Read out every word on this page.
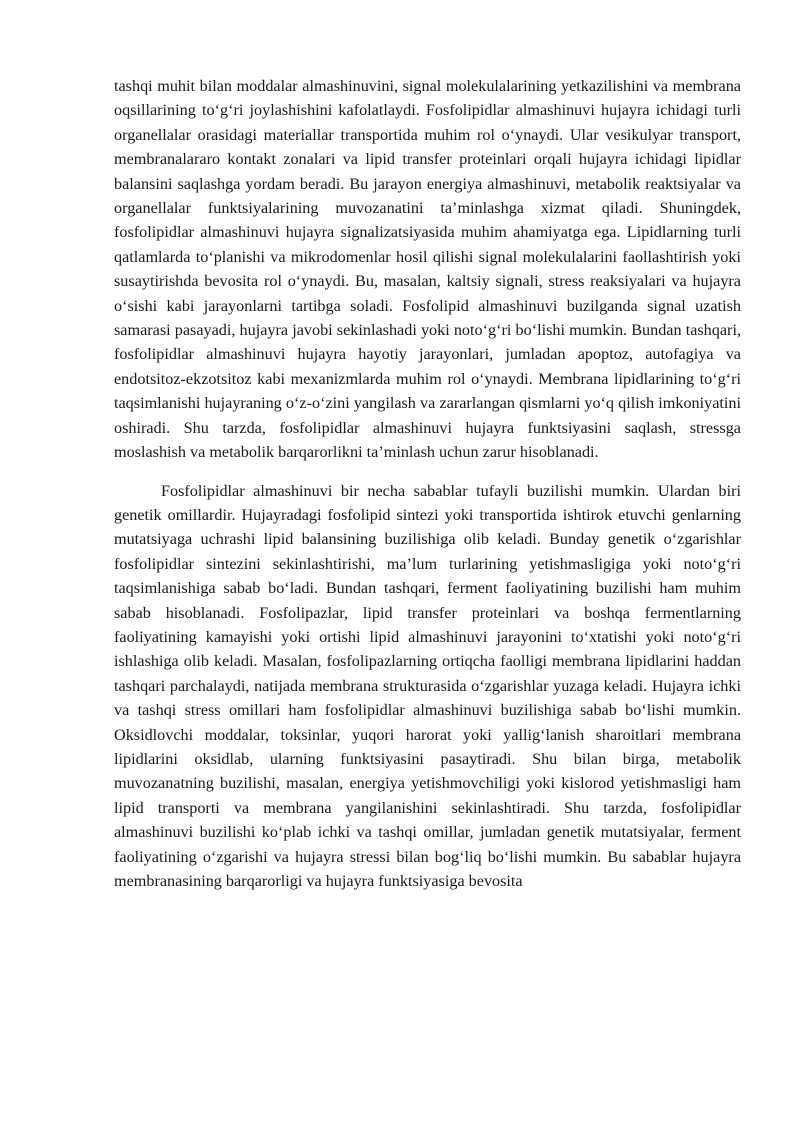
tashqi muhit bilan moddalar almashinuvini, signal molekulalarining yetkazilishini va membrana oqsillarining to‘g‘ri joylashishini kafolatlaydi. Fosfolipidlar almashinuvi hujayra ichidagi turli organellalar orasidagi materiallar transportida muhim rol o‘ynaydi. Ular vesikulyar transport, membranalararo kontakt zonalari va lipid transfer proteinlari orqali hujayra ichidagi lipidlar balansini saqlashga yordam beradi. Bu jarayon energiya almashinuvi, metabolik reaktsiyalar va organellalar funktsiyalarining muvozanatini ta’minlashga xizmat qiladi. Shuningdek, fosfolipidlar almashinuvi hujayra signalizatsiyasida muhim ahamiyatga ega. Lipidlarning turli qatlamlarda to‘planishi va mikrodomenlar hosil qilishi signal molekulalarini faollashtirish yoki susaytirishda bevosita rol o‘ynaydi. Bu, masalan, kaltsiy signali, stress reaksiyalari va hujayra o‘sishi kabi jarayonlarni tartibga soladi. Fosfolipid almashinuvi buzilganda signal uzatish samarasi pasayadi, hujayra javobi sekinlashadi yoki noto‘g‘ri bo‘lishi mumkin. Bundan tashqari, fosfolipidlar almashinuvi hujayra hayotiy jarayonlari, jumladan apoptoz, autofagiya va endotsitoz-ekzotsitoz kabi mexanizmlarda muhim rol o‘ynaydi. Membrana lipidlarining to‘g‘ri taqsimlanishi hujayraning o‘z-o‘zini yangilash va zararlangan qismlarni yo‘q qilish imkoniyatini oshiradi. Shu tarzda, fosfolipidlar almashinuvi hujayra funktsiyasini saqlash, stressga moslashish va metabolik barqarorlikni ta’minlash uchun zarur hisoblanadi.

Fosfolipidlar almashinuvi bir necha sabablar tufayli buzilishi mumkin. Ulardan biri genetik omillardir. Hujayradagi fosfolipid sintezi yoki transportida ishtirok etuvchi genlarning mutatsiyaga uchrashi lipid balansining buzilishiga olib keladi. Bunday genetik o‘zgarishlar fosfolipidlar sintezini sekinlashtirishi, ma’lum turlarining yetishmasligiga yoki noto‘g‘ri taqsimlanishiga sabab bo‘ladi. Bundan tashqari, ferment faoliyatining buzilishi ham muhim sabab hisoblanadi. Fosfolipazlar, lipid transfer proteinlari va boshqa fermentlarning faoliyatining kamayishi yoki ortishi lipid almashinuvi jarayonini to‘xtatishi yoki noto‘g‘ri ishlashiga olib keladi. Masalan, fosfolipazlarning ortiqcha faolligi membrana lipidlarini haddan tashqari parchalaydi, natijada membrana strukturasida o‘zgarishlar yuzaga keladi. Hujayra ichki va tashqi stress omillari ham fosfolipidlar almashinuvi buzilishiga sabab bo‘lishi mumkin. Oksidlovchi moddalar, toksinlar, yuqori harorat yoki yallig‘lanish sharoitlari membrana lipidlarini oksidlab, ularning funktsiyasini pasaytiradi. Shu bilan birga, metabolik muvozanatning buzilishi, masalan, energiya yetishmovchiligi yoki kislorod yetishmasligi ham lipid transporti va membrana yangilanishini sekinlashtiradi. Shu tarzda, fosfolipidlar almashinuvi buzilishi ko‘plab ichki va tashqi omillar, jumladan genetik mutatsiyalar, ferment faoliyatining o‘zgarishi va hujayra stressi bilan bog‘liq bo‘lishi mumkin. Bu sabablar hujayra membranasining barqarorligi va hujayra funktsiyasiga bevosita
